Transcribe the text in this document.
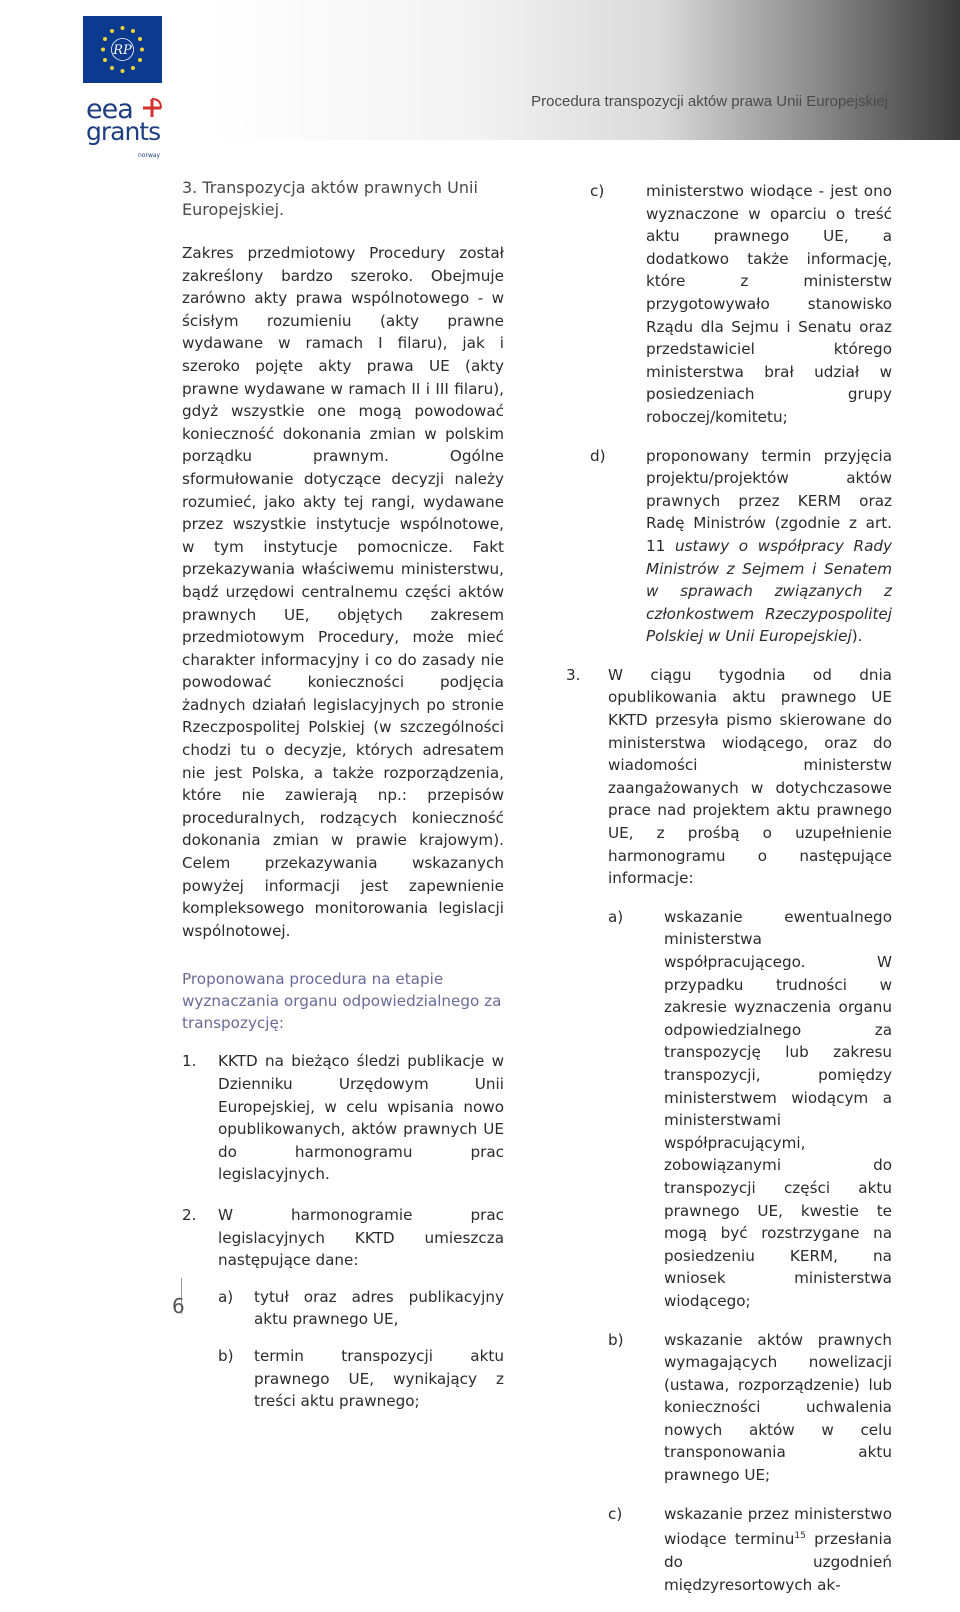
RP
eea
grants
norway
Procedura transpozycji aktów prawa Unii Europejskiej
3. Transpozycja aktów prawnych Unii Europejskiej.

Zakres przedmiotowy Procedury został zakreślony bardzo szeroko. Obejmuje zarówno akty prawa wspólnotowego - w ścisłym rozumieniu (akty prawne wydawane w ramach I filaru), jak i szeroko pojęte akty prawa UE (akty prawne wydawane w ramach II i III filaru), gdyż wszystkie one mogą powodować konieczność dokonania zmian w polskim porządku prawnym. Ogólne sformułowanie dotyczące decyzji należy rozumieć, jako akty tej rangi, wydawane przez wszystkie instytucje wspólnotowe, w tym instytucje pomocnicze. Fakt przekazywania właściwemu ministerstwu, bądź urzędowi centralnemu części aktów prawnych UE, objętych zakresem przedmiotowym Procedury, może mieć charakter informacyjny i co do zasady nie powodować konieczności podjęcia żadnych działań legislacyjnych po stronie Rzeczpospolitej Polskiej (w szczególności chodzi tu o decyzje, których adresatem nie jest Polska, a także rozporządzenia, które nie zawierają np.: przepisów proceduralnych, rodzących konieczność dokonania zmian w prawie krajowym). Celem przekazywania wskazanych powyżej informacji jest zapewnienie kompleksowego monitorowania legislacji wspólnotowej.

Proponowana procedura na etapie wyznaczania organu odpowiedzialnego za transpozycję:
1.	KKTD na bieżąco śledzi publikacje w Dzienniku Urzędowym Unii Europejskiej, w celu wpisania nowo opublikowanych, aktów prawnych UE do harmonogramu prac legislacyjnych.
2.	W harmonogramie prac legislacyjnych KKTD umieszcza następujące dane:
a)	tytuł oraz adres publikacyjny aktu prawnego UE,
b)	termin transpozycji aktu prawnego UE, wynikający z treści aktu prawnego;
c)	ministerstwo wiodące - jest ono wyznaczone w oparciu o treść aktu prawnego UE, a dodatkowo także informację, które z ministerstw przygotowywało stanowisko Rządu dla Sejmu i Senatu oraz przedstawiciel którego ministerstwa brał udział w posiedzeniach grupy roboczej/komitetu;
d)	proponowany termin przyjęcia projektu/projektów aktów prawnych przez KERM oraz Radę Ministrów (zgodnie z art. 11 ustawy o współpracy Rady Ministrów z Sejmem i Senatem w sprawach związanych z członkostwem Rzeczypospolitej Polskiej w Unii Europejskiej).
3.	W ciągu tygodnia od dnia opublikowania aktu prawnego UE KKTD przesyła pismo skierowane do ministerstwa wiodącego, oraz do wiadomości ministerstw zaangażowanych w dotychczasowe prace nad projektem aktu prawnego UE, z prośbą o uzupełnienie harmonogramu o następujące informacje:
a)	wskazanie ewentualnego ministerstwa współpracującego. W przypadku trudności w zakresie wyznaczenia organu odpowiedzialnego za transpozycję lub zakresu transpozycji, pomiędzy ministerstwem wiodącym a ministerstwami współpracującymi, zobowiązanymi do transpozycji części aktu prawnego UE, kwestie te mogą być rozstrzygane na posiedzeniu KERM, na wniosek ministerstwa wiodącego;
b)	wskazanie aktów prawnych wymagających nowelizacji (ustawa, rozporządzenie) lub konieczności uchwalenia nowych aktów w celu transponowania aktu prawnego UE;
c)	wskazanie przez ministerstwo wiodące terminu$^{15}$ przesłania do uzgodnień międzyresortowych ak-
6
